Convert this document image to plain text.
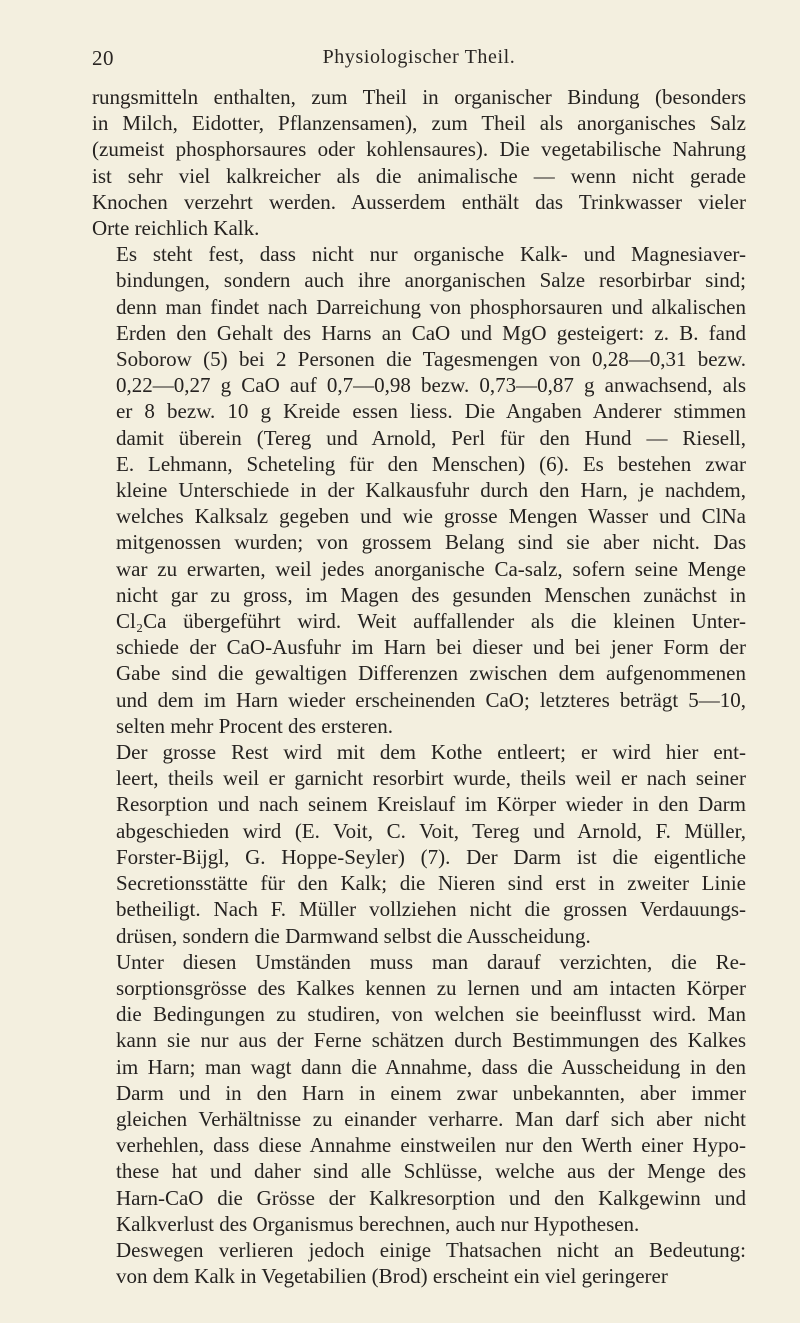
20	Physiologischer Theil.

rungsmitteln enthalten, zum Theil in organischer Bindung (besonders
in Milch, Eidotter, Pflanzensamen), zum Theil als anorganisches Salz
(zumeist phosphorsaures oder kohlensaures). Die vegetabilische Nahrung
ist sehr viel kalkreicher als die animalische — wenn nicht gerade
Knochen verzehrt werden. Ausserdem enthält das Trinkwasser vieler
Orte reichlich Kalk.

Es steht fest, dass nicht nur organische Kalk- und Magnesiaver-
bindungen, sondern auch ihre anorganischen Salze resorbirbar sind;
denn man findet nach Darreichung von phosphorsauren und alkalischen
Erden den Gehalt des Harns an CaO und MgO gesteigert: z. B. fand
Soborow (5) bei 2 Personen die Tagesmengen von 0,28—0,31 bezw.
0,22—0,27 g CaO auf 0,7—0,98 bezw. 0,73—0,87 g anwachsend, als
er 8 bezw. 10 g Kreide essen liess. Die Angaben Anderer stimmen
damit überein (Tereg und Arnold, Perl für den Hund — Riesell,
E. Lehmann, Scheteling für den Menschen) (6). Es bestehen zwar
kleine Unterschiede in der Kalkausfuhr durch den Harn, je nachdem,
welches Kalksalz gegeben und wie grosse Mengen Wasser und ClNa
mitgenossen wurden; von grossem Belang sind sie aber nicht. Das
war zu erwarten, weil jedes anorganische Ca-salz, sofern seine Menge
nicht gar zu gross, im Magen des gesunden Menschen zunächst in
Cl₂Ca übergeführt wird. Weit auffallender als die kleinen Unter-
schiede der CaO-Ausfuhr im Harn bei dieser und bei jener Form der
Gabe sind die gewaltigen Differenzen zwischen dem aufgenommenen
und dem im Harn wieder erscheinenden CaO; letzteres beträgt 5—10,
selten mehr Procent des ersteren.

Der grosse Rest wird mit dem Kothe entleert; er wird hier ent-
leert, theils weil er garnicht resorbirt wurde, theils weil er nach seiner
Resorption und nach seinem Kreislauf im Körper wieder in den Darm
abgeschieden wird (E. Voit, C. Voit, Tereg und Arnold, F. Müller,
Forster-Bijgl, G. Hoppe-Seyler) (7). Der Darm ist die eigentliche
Secretionsstätte für den Kalk; die Nieren sind erst in zweiter Linie
betheiligt. Nach F. Müller vollziehen nicht die grossen Verdauungs-
drüsen, sondern die Darmwand selbst die Ausscheidung.

Unter diesen Umständen muss man darauf verzichten, die Re-
sorptionsgrösse des Kalkes kennen zu lernen und am intacten Körper
die Bedingungen zu studiren, von welchen sie beeinflusst wird. Man
kann sie nur aus der Ferne schätzen durch Bestimmungen des Kalkes
im Harn; man wagt dann die Annahme, dass die Ausscheidung in den
Darm und in den Harn in einem zwar unbekannten, aber immer
gleichen Verhältnisse zu einander verharre. Man darf sich aber nicht
verhehlen, dass diese Annahme einstweilen nur den Werth einer Hypo-
these hat und daher sind alle Schlüsse, welche aus der Menge des
Harn-CaO die Grösse der Kalkresorption und den Kalkgewinn und
Kalkverlust des Organismus berechnen, auch nur Hypothesen.

Deswegen verlieren jedoch einige Thatsachen nicht an Bedeutung:
von dem Kalk in Vegetabilien (Brod) erscheint ein viel geringerer
